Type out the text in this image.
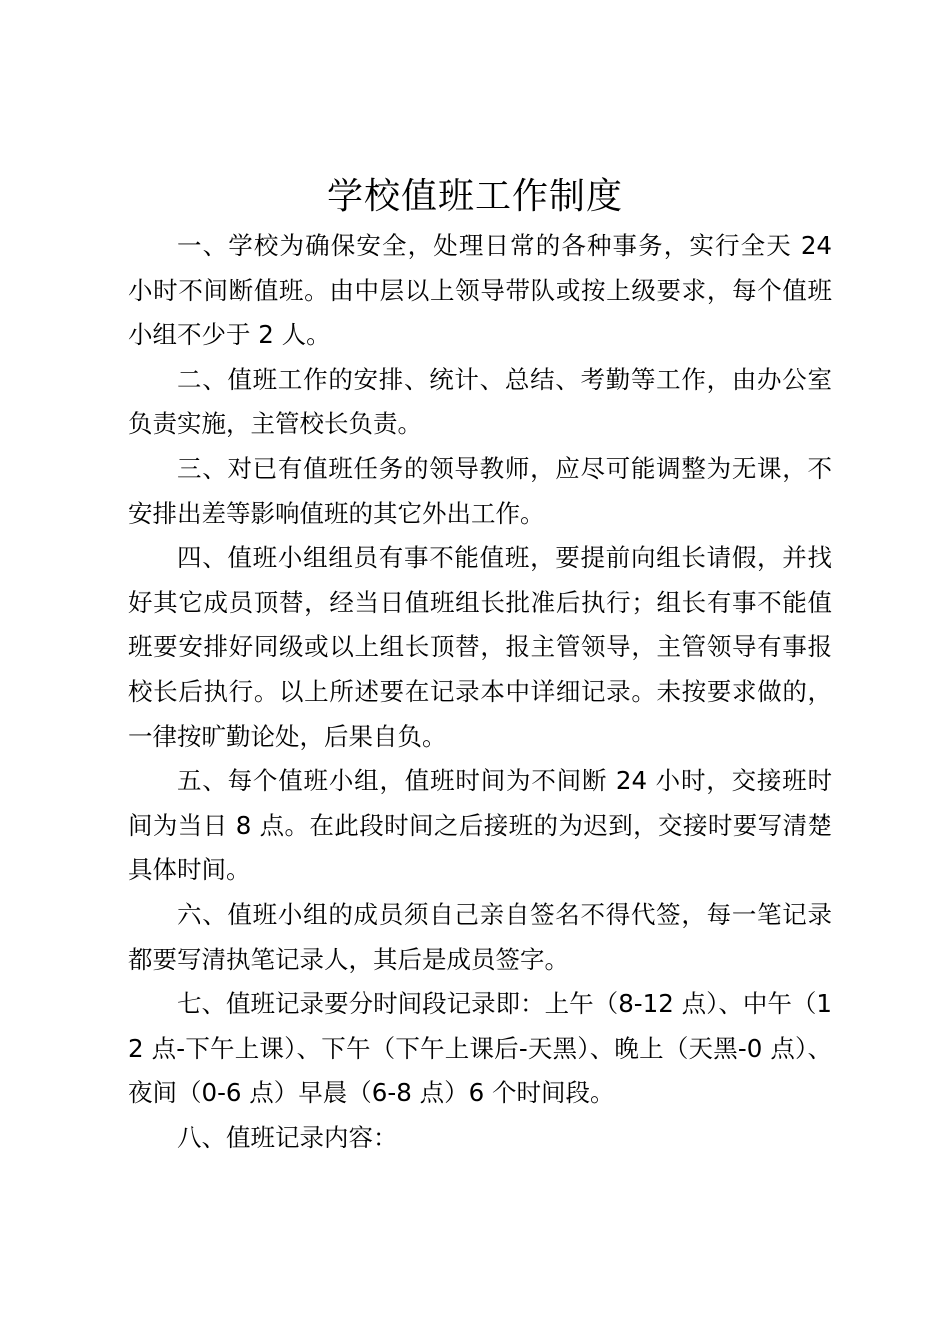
学校值班工作制度

一、学校为确保安全，处理日常的各种事务，实行全天 24 小时不间断值班。由中层以上领导带队或按上级要求，每个值班小组不少于 2 人。

二、值班工作的安排、统计、总结、考勤等工作，由办公室负责实施，主管校长负责。

三、对已有值班任务的领导教师，应尽可能调整为无课，不安排出差等影响值班的其它外出工作。

四、值班小组组员有事不能值班，要提前向组长请假，并找好其它成员顶替，经当日值班组长批准后执行；组长有事不能值班要安排好同级或以上组长顶替，报主管领导，主管领导有事报校长后执行。以上所述要在记录本中详细记录。未按要求做的，一律按旷勤论处，后果自负。

五、每个值班小组，值班时间为不间断 24 小时，交接班时间为当日 8 点。在此段时间之后接班的为迟到，交接时要写清楚具体时间。

六、值班小组的成员须自己亲自签名不得代签，每一笔记录都要写清执笔记录人，其后是成员签字。

七、值班记录要分时间段记录即：上午（8-12 点）、中午（12 点-下午上课）、下午（下午上课后-天黑）、晚上（天黑-0 点）、夜间（0-6 点）早晨（6-8 点）6 个时间段。

八、值班记录内容：
